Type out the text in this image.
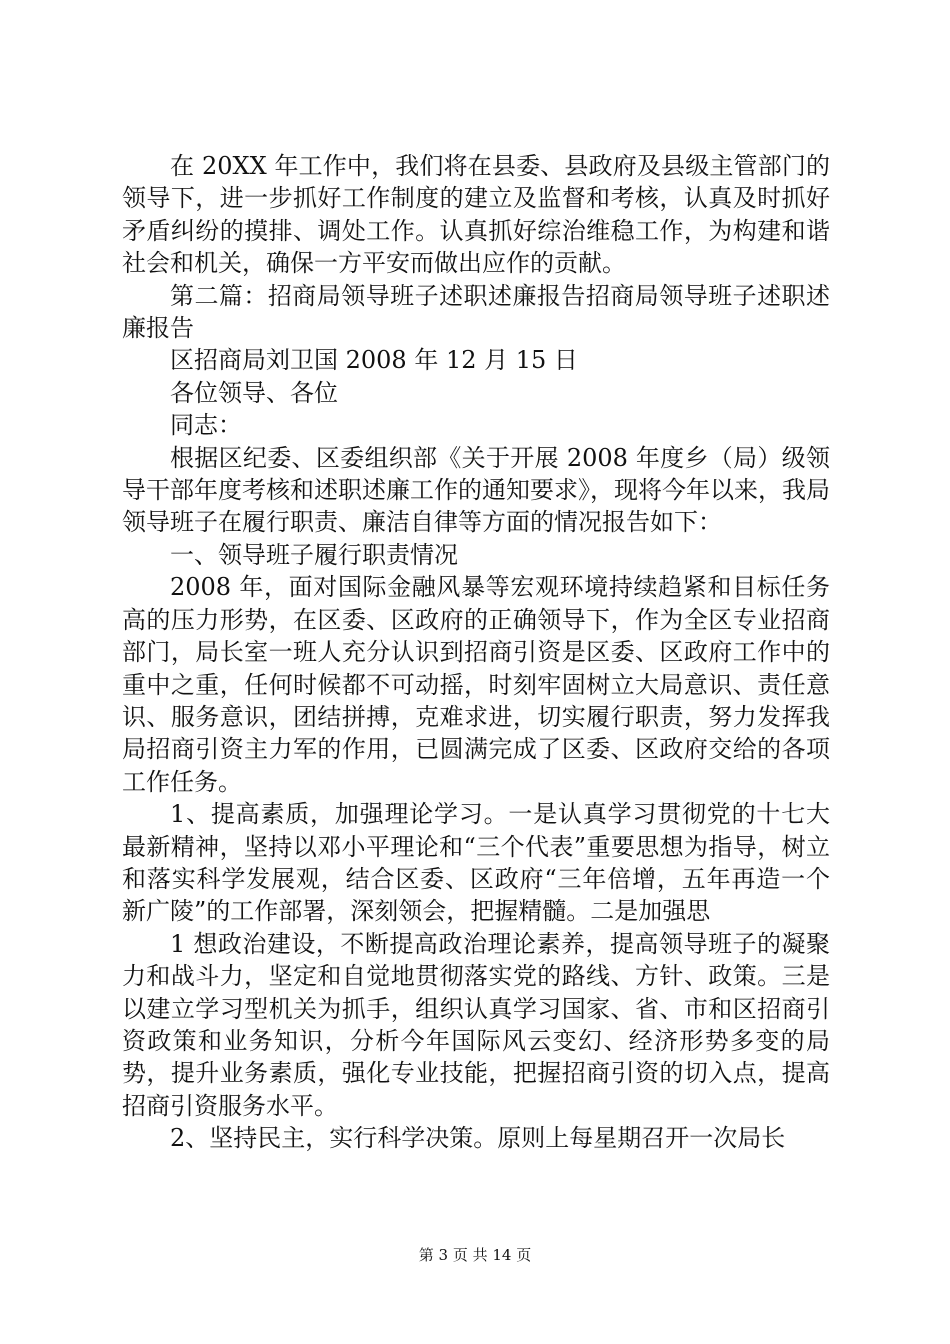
在 20XX 年工作中，我们将在县委、县政府及县级主管部门的领导下，进一步抓好工作制度的建立及监督和考核，认真及时抓好矛盾纠纷的摸排、调处工作。认真抓好综治维稳工作，为构建和谐社会和机关，确保一方平安而做出应作的贡献。

第二篇：招商局领导班子述职述廉报告招商局领导班子述职述廉报告

区招商局刘卫国 2008 年 12 月 15 日

各位领导、各位

同志：

根据区纪委、区委组织部《关于开展 2008 年度乡（局）级领导干部年度考核和述职述廉工作的通知要求》，现将今年以来，我局领导班子在履行职责、廉洁自律等方面的情况报告如下：

一、领导班子履行职责情况

2008 年，面对国际金融风暴等宏观环境持续趋紧和目标任务高的压力形势，在区委、区政府的正确领导下，作为全区专业招商部门，局长室一班人充分认识到招商引资是区委、区政府工作中的重中之重，任何时候都不可动摇，时刻牢固树立大局意识、责任意识、服务意识，团结拼搏，克难求进，切实履行职责，努力发挥我局招商引资主力军的作用，已圆满完成了区委、区政府交给的各项工作任务。

1、提高素质，加强理论学习。一是认真学习贯彻党的十七大最新精神，坚持以邓小平理论和“三个代表”重要思想为指导，树立和落实科学发展观，结合区委、区政府“三年倍增，五年再造一个新广陵”的工作部署，深刻领会，把握精髓。二是加强思

1 想政治建设，不断提高政治理论素养，提高领导班子的凝聚力和战斗力，坚定和自觉地贯彻落实党的路线、方针、政策。三是以建立学习型机关为抓手，组织认真学习国家、省、市和区招商引资政策和业务知识，分析今年国际风云变幻、经济形势多变的局势，提升业务素质，强化专业技能，把握招商引资的切入点，提高招商引资服务水平。

2、坚持民主，实行科学决策。原则上每星期召开一次局长

第 3 页 共 14 页
